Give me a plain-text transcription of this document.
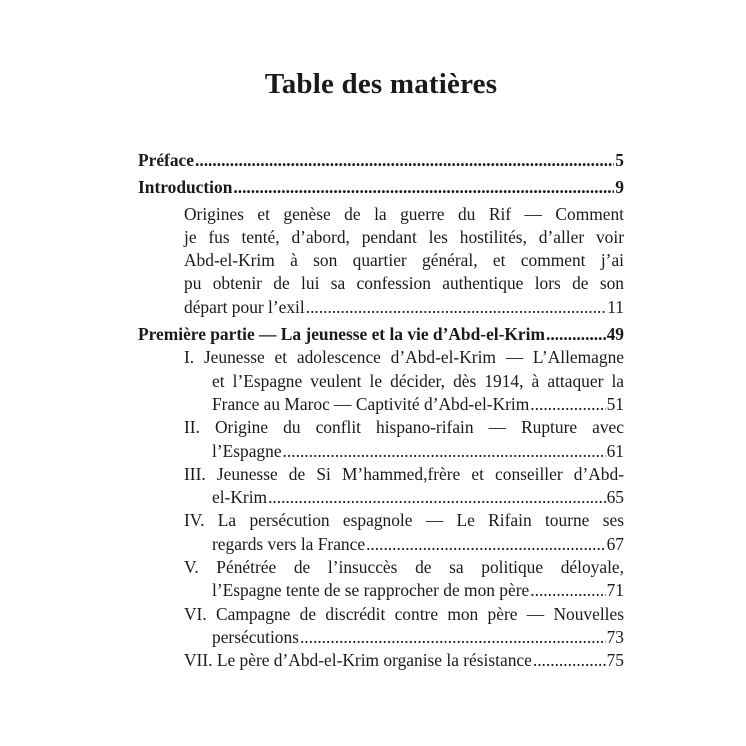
Table des matières
Préface .....	5
Introduction .....	9
Origines et genèse de la guerre du Rif — Comment
je fus tenté, d’abord, pendant les hostilités, d’aller voir
Abd-el-Krim à son quartier général, et comment j’ai
pu obtenir de lui sa confession authentique lors de son
départ pour l’exil .....	11
Première partie — La jeunesse et la vie d’Abd-el-Krim .....	49
I. Jeunesse et adolescence d’Abd-el-Krim — L’Allemagne
et l’Espagne veulent le décider, dès 1914, à attaquer la
France au Maroc — Captivité d’Abd-el-Krim .....	51
II. Origine du conflit hispano-rifain — Rupture avec
l’Espagne .....	61
III. Jeunesse de Si M’hammed,frère et conseiller d’Abd-
el-Krim .....	65
IV. La persécution espagnole — Le Rifain tourne ses
regards vers la France .....	67
V. Pénétrée de l’insuccès de sa politique déloyale,
l’Espagne tente de se rapprocher de mon père .....	71
VI. Campagne de discrédit contre mon père — Nouvelles
persécutions .....	73
VII. Le père d’Abd-el-Krim organise la résistance .....	75
